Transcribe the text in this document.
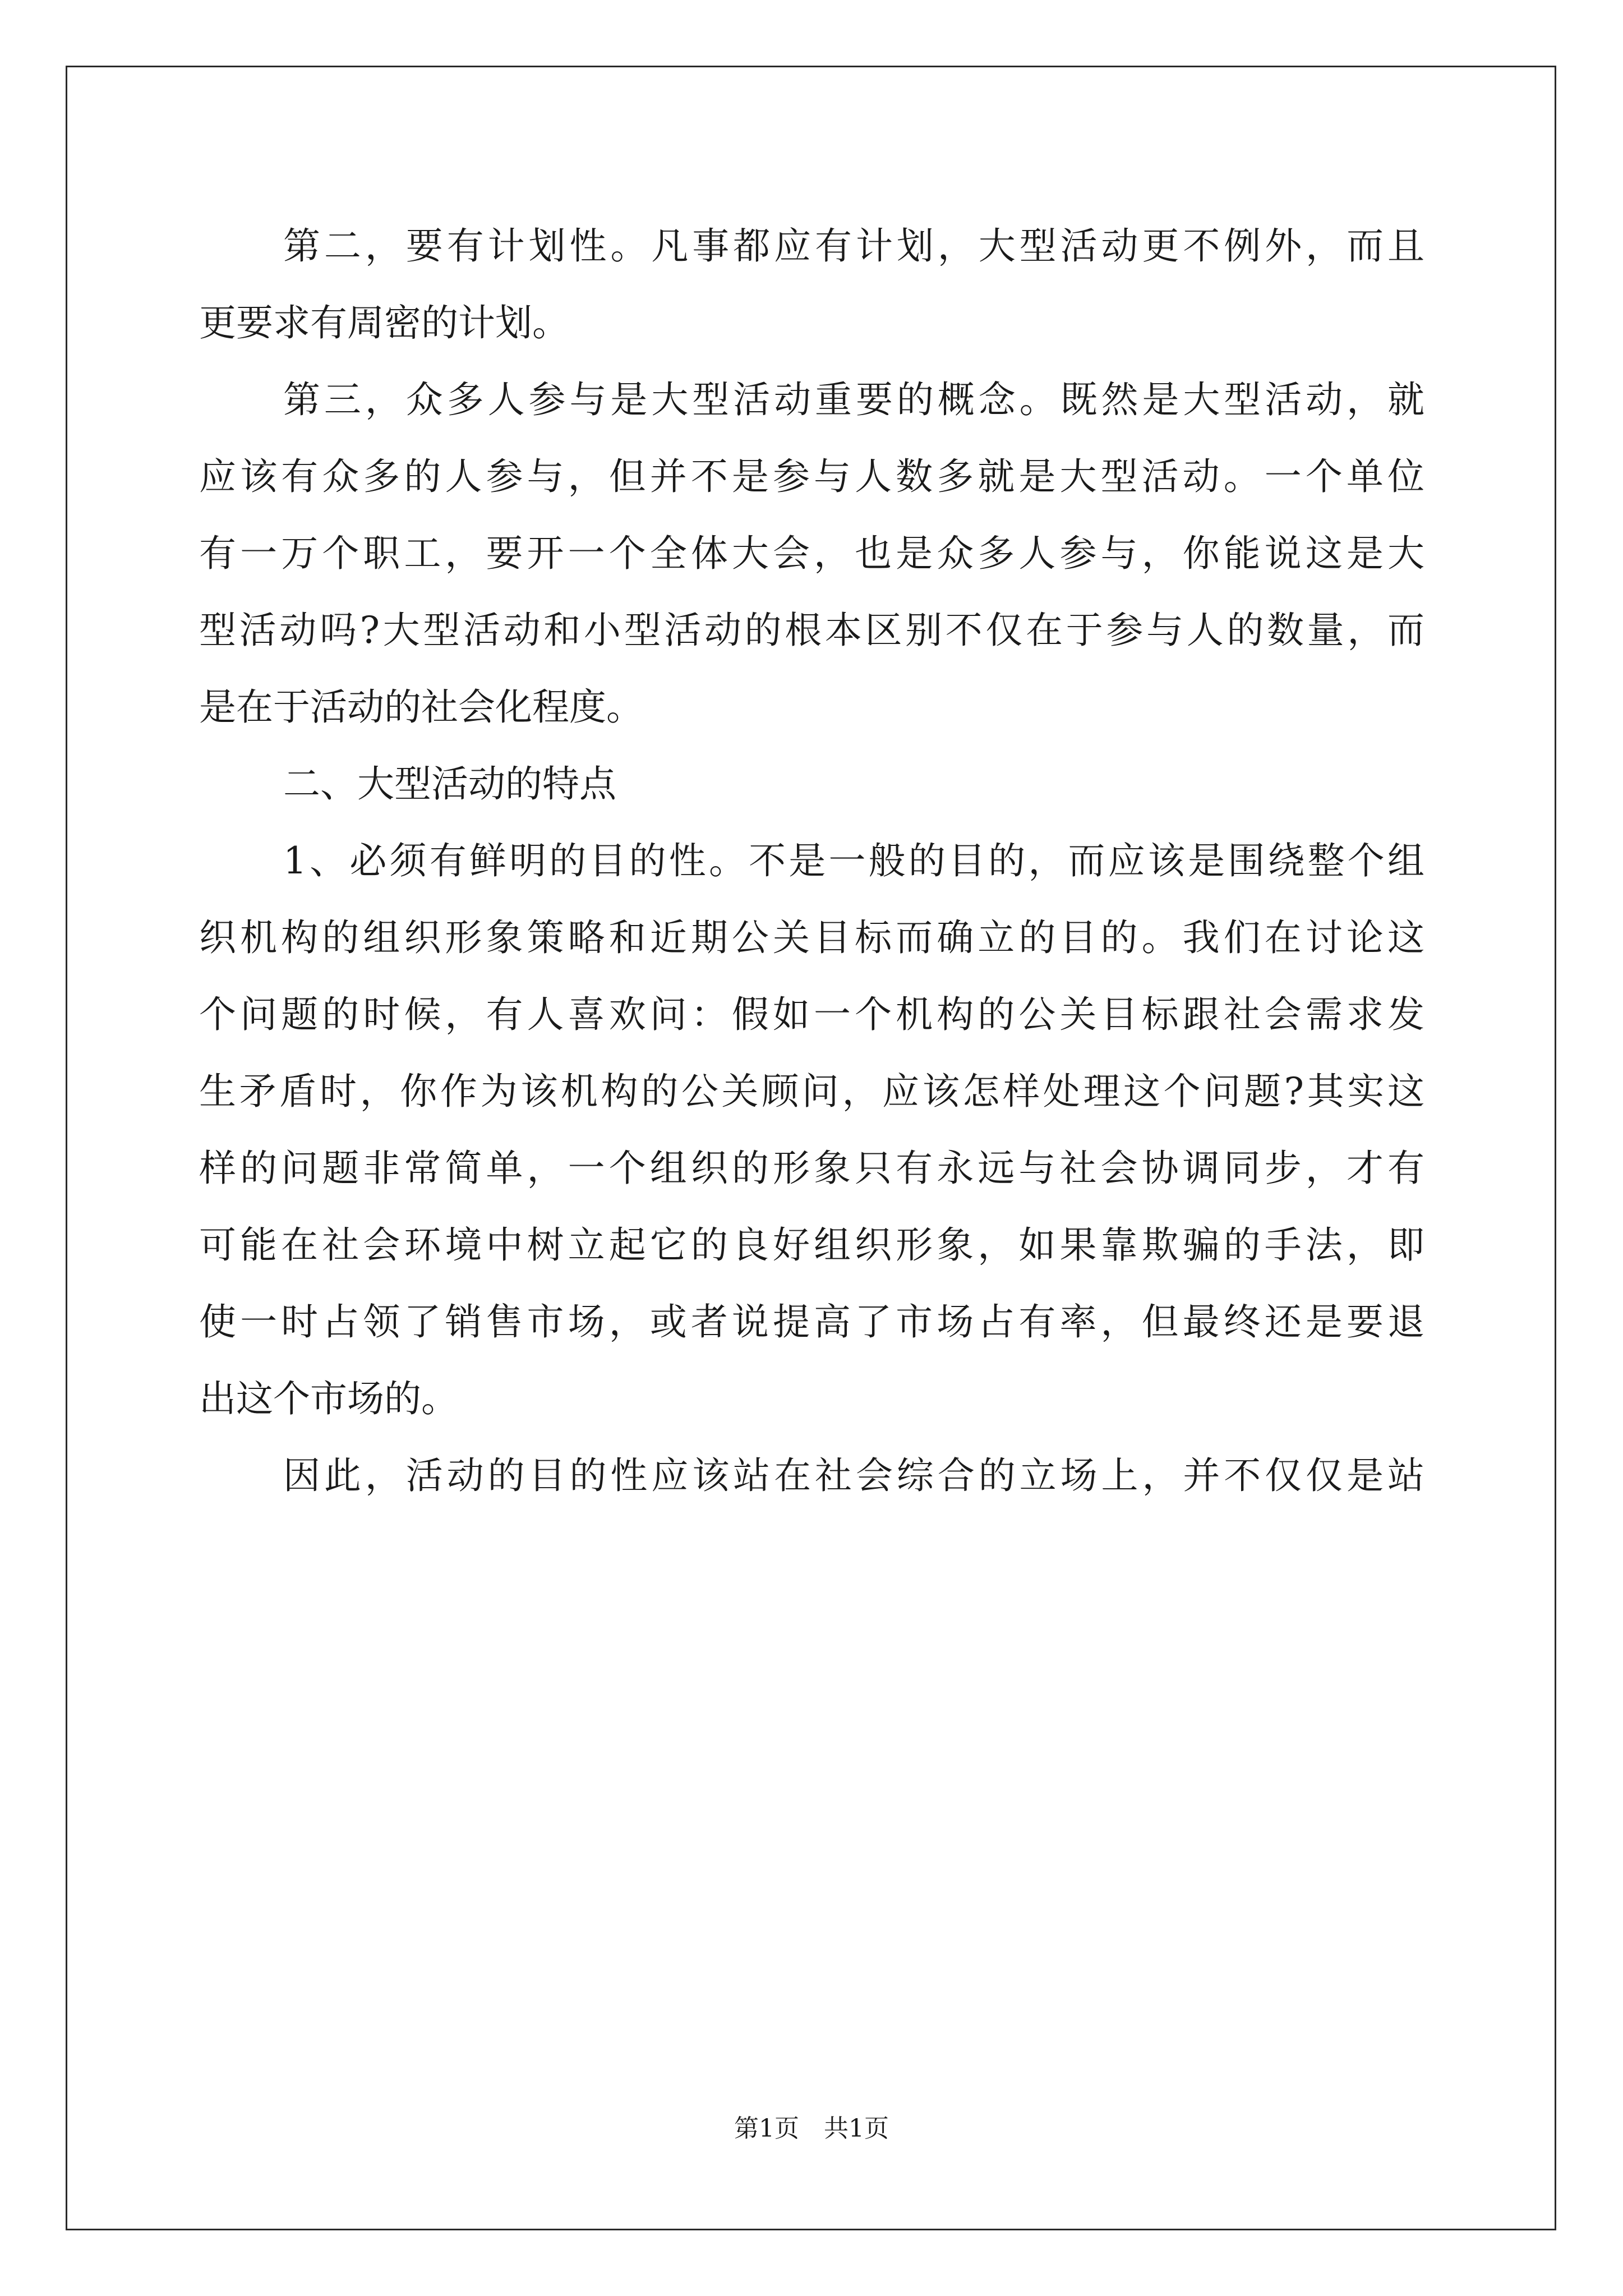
第二，要有计划性。凡事都应有计划，大型活动更不例外，而且
更要求有周密的计划。
第三，众多人参与是大型活动重要的概念。既然是大型活动，就
应该有众多的人参与，但并不是参与人数多就是大型活动。一个单位
有一万个职工，要开一个全体大会，也是众多人参与，你能说这是大
型活动吗?大型活动和小型活动的根本区别不仅在于参与人的数量，而
是在于活动的社会化程度。
二、大型活动的特点
1、必须有鲜明的目的性。不是一般的目的，而应该是围绕整个组
织机构的组织形象策略和近期公关目标而确立的目的。我们在讨论这
个问题的时候，有人喜欢问：假如一个机构的公关目标跟社会需求发
生矛盾时，你作为该机构的公关顾问，应该怎样处理这个问题?其实这
样的问题非常简单，一个组织的形象只有永远与社会协调同步，才有
可能在社会环境中树立起它的良好组织形象，如果靠欺骗的手法，即
使一时占领了销售市场，或者说提高了市场占有率，但最终还是要退
出这个市场的。
因此，活动的目的性应该站在社会综合的立场上，并不仅仅是站
第1页 共1页
